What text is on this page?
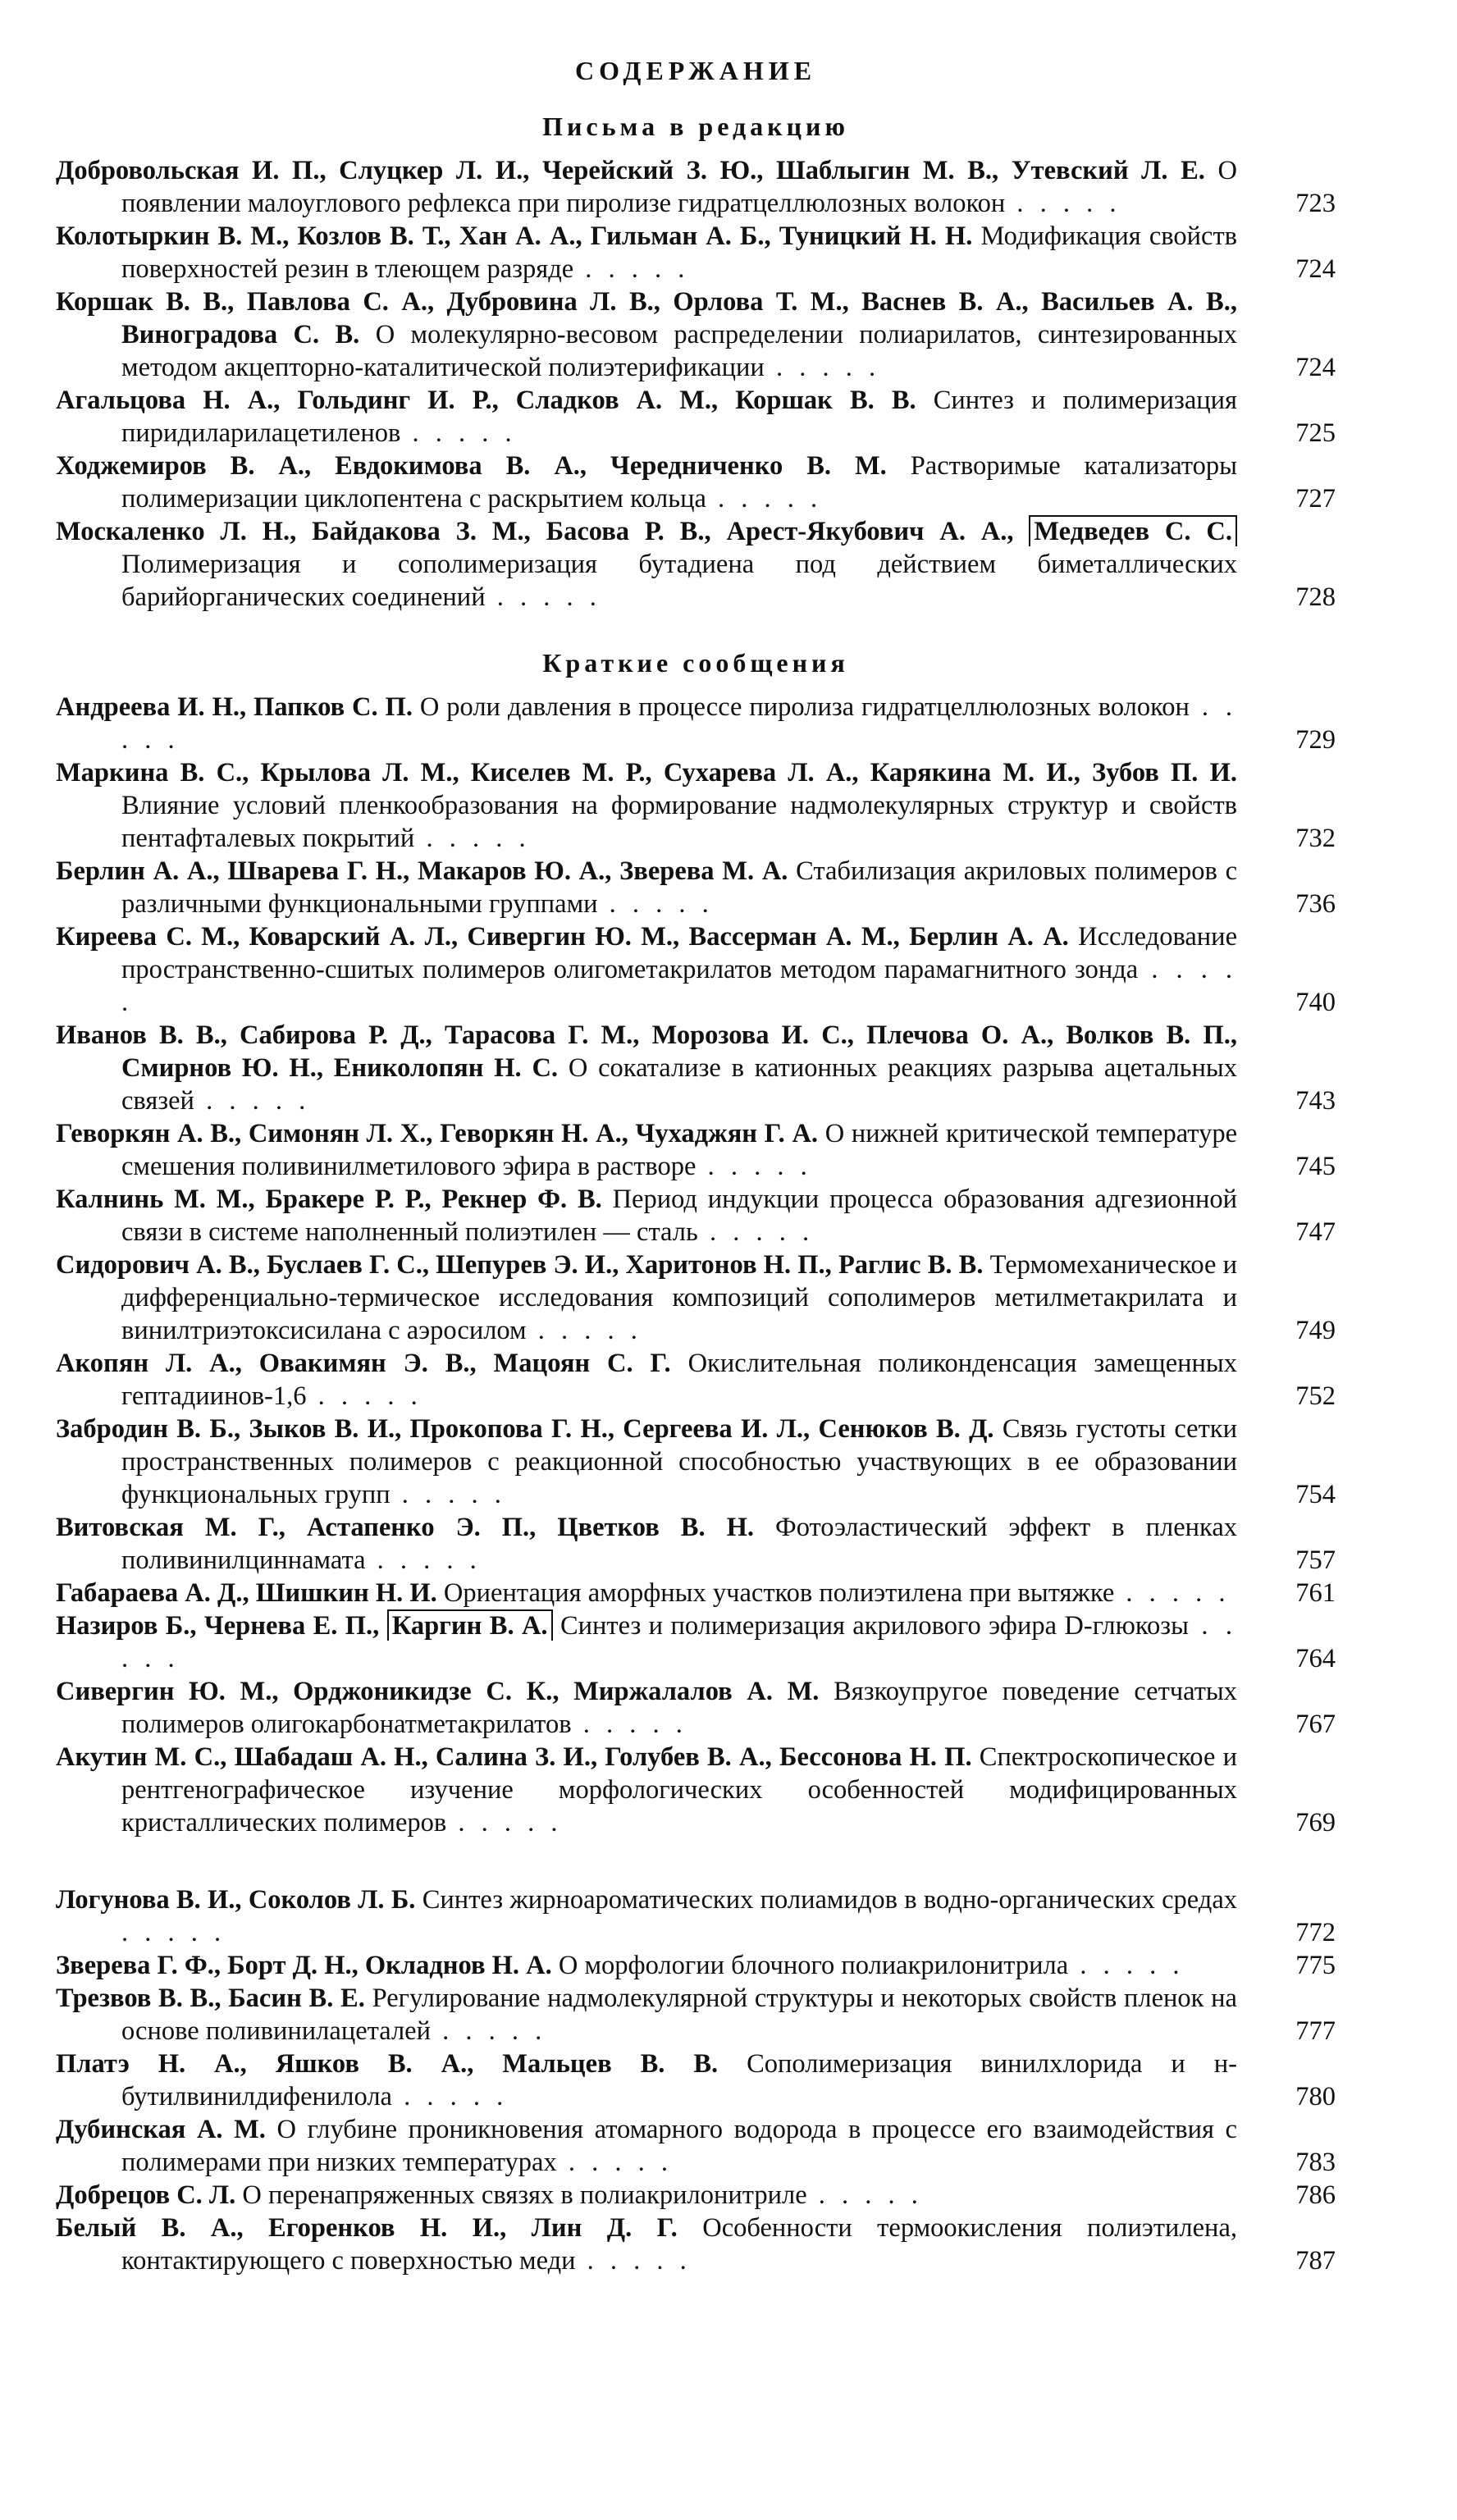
СОДЕРЖАНИЕ
Письма в редакцию

Добровольская И. П., Слуцкер Л. И., Черейский З. Ю., Шаблыгин М. В., Утевский Л. Е. О появлении малоуглового рефлекса при пиролизе гидратцеллюлозных волокон . . . . .	723

Колотыркин В. М., Козлов В. Т., Хан А. А., Гильман А. Б., Туницкий Н. Н. Модификация свойств поверхностей резин в тлеющем разряде . . . . .	724

Коршак В. В., Павлова С. А., Дубровина Л. В., Орлова Т. М., Васнев В. А., Васильев А. В., Виноградова С. В. О молекулярно-весовом распределении полиарилатов, синтезированных методом акцепторно-каталитической полиэтерификации . . . . .	724

Агальцова Н. А., Гольдинг И. Р., Сладков А. М., Коршак В. В. Синтез и полимеризация пиридиларилацетиленов . . . . .	725

Ходжемиров В. А., Евдокимова В. А., Чередниченко В. М. Растворимые катализаторы полимеризации циклопентена с раскрытием кольца . . . . .	727

Москаленко Л. Н., Байдакова З. М., Басова Р. В., Арест-Якубович А. А., Медведев С. С. Полимеризация и сополимеризация бутадиена под действием биметаллических барийорганических соединений . . . . .	728

Краткие сообщения

Андреева И. Н., Папков С. П. О роли давления в процессе пиролиза гидратцеллюлозных волокон . . . . .	729

Маркина В. С., Крылова Л. М., Киселев М. Р., Сухарева Л. А., Карякина М. И., Зубов П. И. Влияние условий пленкообразования на формирование надмолекулярных структур и свойств пентафталевых покрытий . . . . .	732

Берлин А. А., Шварева Г. Н., Макаров Ю. А., Зверева М. А. Стабилизация акриловых полимеров с различными функциональными группами . . . . .	736

Киреева С. М., Коварский А. Л., Сивергин Ю. М., Вассерман А. М., Берлин А. А. Исследование пространственно-сшитых полимеров олигометакрилатов методом парамагнитного зонда . . . . .	740

Иванов В. В., Сабирова Р. Д., Тарасова Г. М., Морозова И. С., Плечова О. А., Волков В. П., Смирнов Ю. Н., Ениколопян Н. С. О сокатализе в катионных реакциях разрыва ацетальных связей . . . . .	743

Геворкян А. В., Симонян Л. Х., Геворкян Н. А., Чухаджян Г. А. О нижней критической температуре смешения поливинилметилового эфира в растворе . . . . .	745

Калнинь М. М., Бракере Р. Р., Рекнер Ф. В. Период индукции процесса образования адгезионной связи в системе наполненный полиэтилен — сталь . . . . .	747

Сидорович А. В., Буслаев Г. С., Шепурев Э. И., Харитонов Н. П., Раглис В. В. Термомеханическое и дифференциально-термическое исследования композиций сополимеров метилметакрилата и винилтриэтоксисилана с аэросилом . . . . .	749

Акопян Л. А., Овакимян Э. В., Мацоян С. Г. Окислительная поликонденсация замещенных гептадиинов-1,6 . . . . .	752

Забродин В. Б., Зыков В. И., Прокопова Г. Н., Сергеева И. Л., Сенюков В. Д. Связь густоты сетки пространственных полимеров с реакционной способностью участвующих в ее образовании функциональных групп . . . . .	754

Витовская М. Г., Астапенко Э. П., Цветков В. Н. Фотоэластический эффект в пленках поливинилциннамата . . . . .	757

Габараева А. Д., Шишкин Н. И. Ориентация аморфных участков полиэтилена при вытяжке . . . . .	761

Назиров Б., Чернева Е. П., Каргин В. А. Синтез и полимеризация акрилового эфира D-глюкозы . . . . .	764

Сивергин Ю. М., Орджоникидзе С. К., Миржалалов А. М. Вязкоупругое поведение сетчатых полимеров олигокарбонатметакрилатов . . . . .	767

Акутин М. С., Шабадаш А. Н., Салина З. И., Голубев В. А., Бессонова Н. П. Спектроскопическое и рентгенографическое изучение морфологических особенностей модифицированных кристаллических полимеров . . . . .	769

Логунова В. И., Соколов Л. Б. Синтез жирноароматических полиамидов в водно-органических средах . . . . .	772

Зверева Г. Ф., Борт Д. Н., Окладнов Н. А. О морфологии блочного полиакрилонитрила . . . . .	775

Трезвов В. В., Басин В. Е. Регулирование надмолекулярной структуры и некоторых свойств пленок на основе поливинилацеталей . . . . .	777

Платэ Н. А., Яшков В. А., Мальцев В. В. Сополимеризация винилхлорида и н-бутилвинилдифенилола . . . . .	780

Дубинская А. М. О глубине проникновения атомарного водорода в процессе его взаимодействия с полимерами при низких температурах . . . . .	783

Добрецов С. Л. О перенапряженных связях в полиакрилонитриле . . . . .	786

Белый В. А., Егоренков Н. И., Лин Д. Г. Особенности термоокисления полиэтилена, контактирующего с поверхностью меди . . . . .	787
